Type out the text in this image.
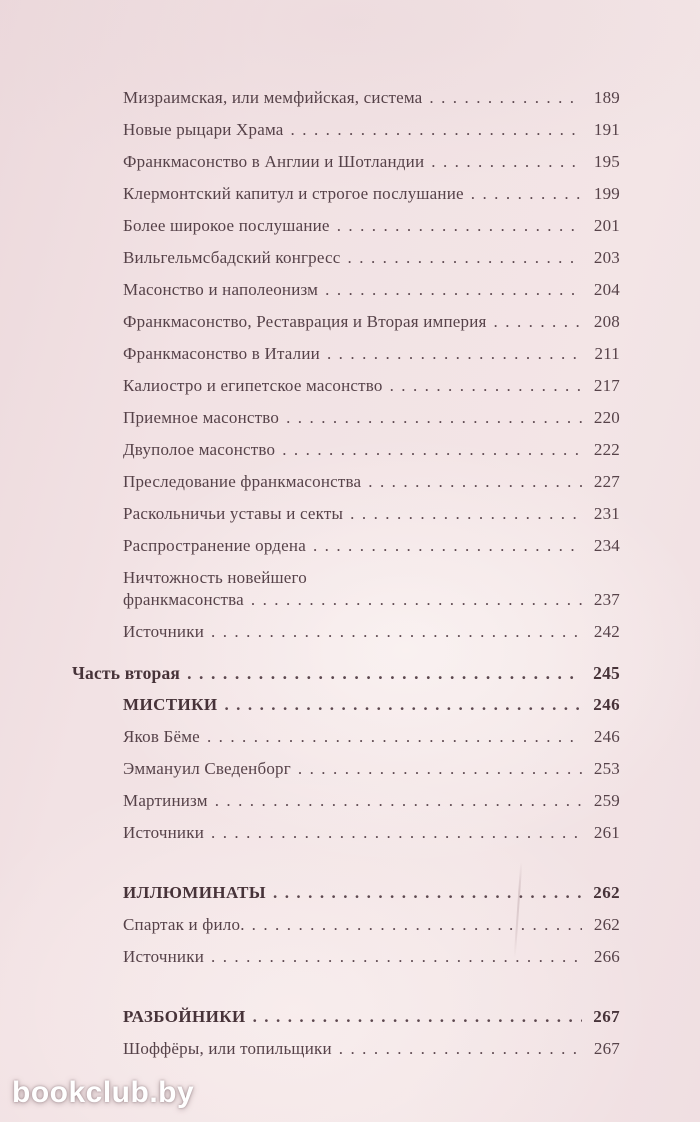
Мизраимская, или мемфийская, система . . .	189
Новые рыцари Храма . . .	191
Франкмасонство в Англии и Шотландии . . .	195
Клермонтский капитул и строгое послушание . . .	199
Более широкое послушание . . .	201
Вильгельмсбадский конгресс . . .	203
Масонство и наполеонизм . . .	204
Франкмасонство, Реставрация и Вторая империя . . .	208
Франкмасонство в Италии . . .	211
Калиостро и египетское масонство . . .	217
Приемное масонство . . .	220
Двуполое масонство . . .	222
Преследование франкмасонства . . .	227
Раскольничьи уставы и секты . . .	231
Распространение ордена . . .	234
Ничтожность новейшего
франкмасонства . . .	237
Источники . . .	242
Часть вторая . . .	245
МИСТИКИ . . .	246
Яков Бёме . . .	246
Эммануил Сведенборг . . .	253
Мартинизм . . .	259
Источники . . .	261
ИЛЛЮМИНАТЫ . . .	262
Спартак и фило. . . .	262
Источники . . .	266
РАЗБОЙНИКИ . . .	267
Шоффёры, или топильщики . . .	267
bookclub.by
